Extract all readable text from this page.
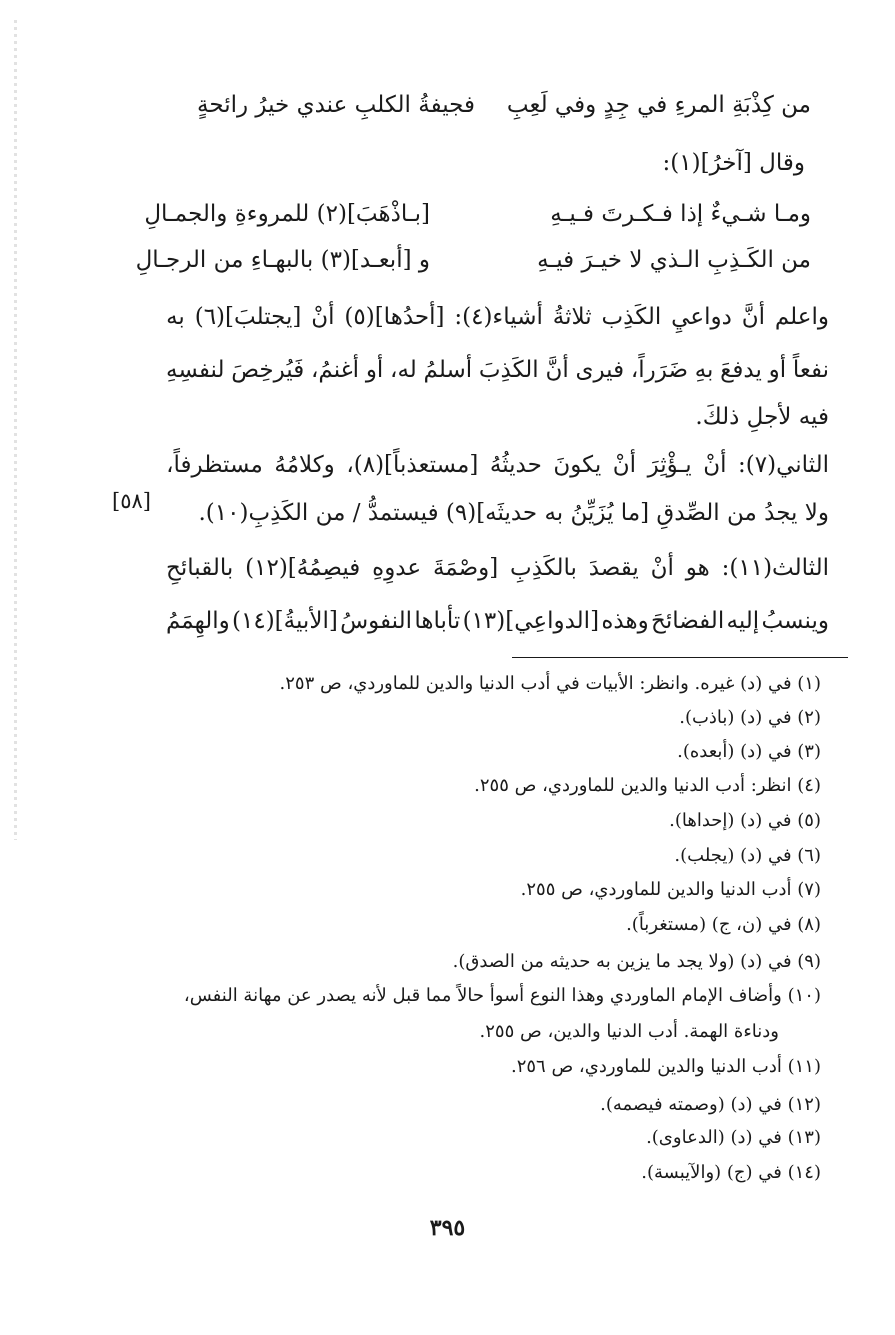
فجيفةُ الكلبِ عندي خيرُ رائحةٍ من كِذْبَةِ المرءِ في جِدٍ وفي لَعِبِ
وقال [آخرُ](١):
ومـا شـيءٌ إذا فـكـرتَ فـيـهِ
[بـاذْهَبَ](٢) للمروءةِ والجمـالِ
من الكَـذِبِ الـذي لا خيـرَ فيـهِ
و [أبعـد](٣) بالبهـاءِ من الرجـالِ
واعلم
أنَّ
دواعيِ
الكَذِب
ثلاثةُ
أشياء(٤):
[أحدُها](٥)
أنْ
[يجتلبَ](٦)
به
نفعاً
أو
يدفعَ
بهِ
ضَرَراً،
فيرى
أنَّ
الكَذِبَ
أسلمُ
له،
أو
أغنمُ،
فَيُرخِصَ
لنفسِهِ
فيه لأجلِ ذلكَ.
الثاني(٧):
أنْ
يـؤْثِرَ
أنْ
يكونَ
حديثُهُ
[مستعذباً](٨)،
وكلامُهُ
مستظرفاً،
ولا يجدُ من الصِّدقِ [ما يُزَيِّنُ به حديثَه](٩) فيستمدُّ / من الكَذِبِ(١٠).
[٥٨]
الثالث(١١):
هو
أنْ
يقصدَ
بالكَذِبِ
[وصْمَةَ
عدوِهِ
فيصِمُهُ](١٢)
بالقبائحِ
وينسبُ
إليه
الفضائحَ
وهذه
[الدواعِي](١٣)
تأباها
النفوسُ
[الأبيةُ](١٤)
والهِمَمُ
(١) في (د) غيره. وانظر: الأبيات في أدب الدنيا والدين للماوردي، ص ٢٥٣.
(٢) في (د) (باذب).
(٣) في (د) (أبعده).
(٤) انظر: أدب الدنيا والدين للماوردي، ص ٢٥٥.
(٥) في (د) (إحداها).
(٦) في (د) (يجلب).
(٧) أدب الدنيا والدين للماوردي، ص ٢٥٥.
(٨) في (ن، ج) (مستغرباً).
(٩) في (د) (ولا يجد ما يزين به حديثه من الصدق).
(١٠) وأضاف الإمام الماوردي وهذا النوع أسوأ حالاً مما قبل لأنه يصدر عن مهانة النفس،
ودناءة الهمة. أدب الدنيا والدين، ص ٢٥٥.
(١١) أدب الدنيا والدين للماوردي، ص ٢٥٦.
(١٢) في (د) (وصمته فيصمه).
(١٣) في (د) (الدعاوى).
(١٤) في (ج) (والآيبسة).
٣٩٥
